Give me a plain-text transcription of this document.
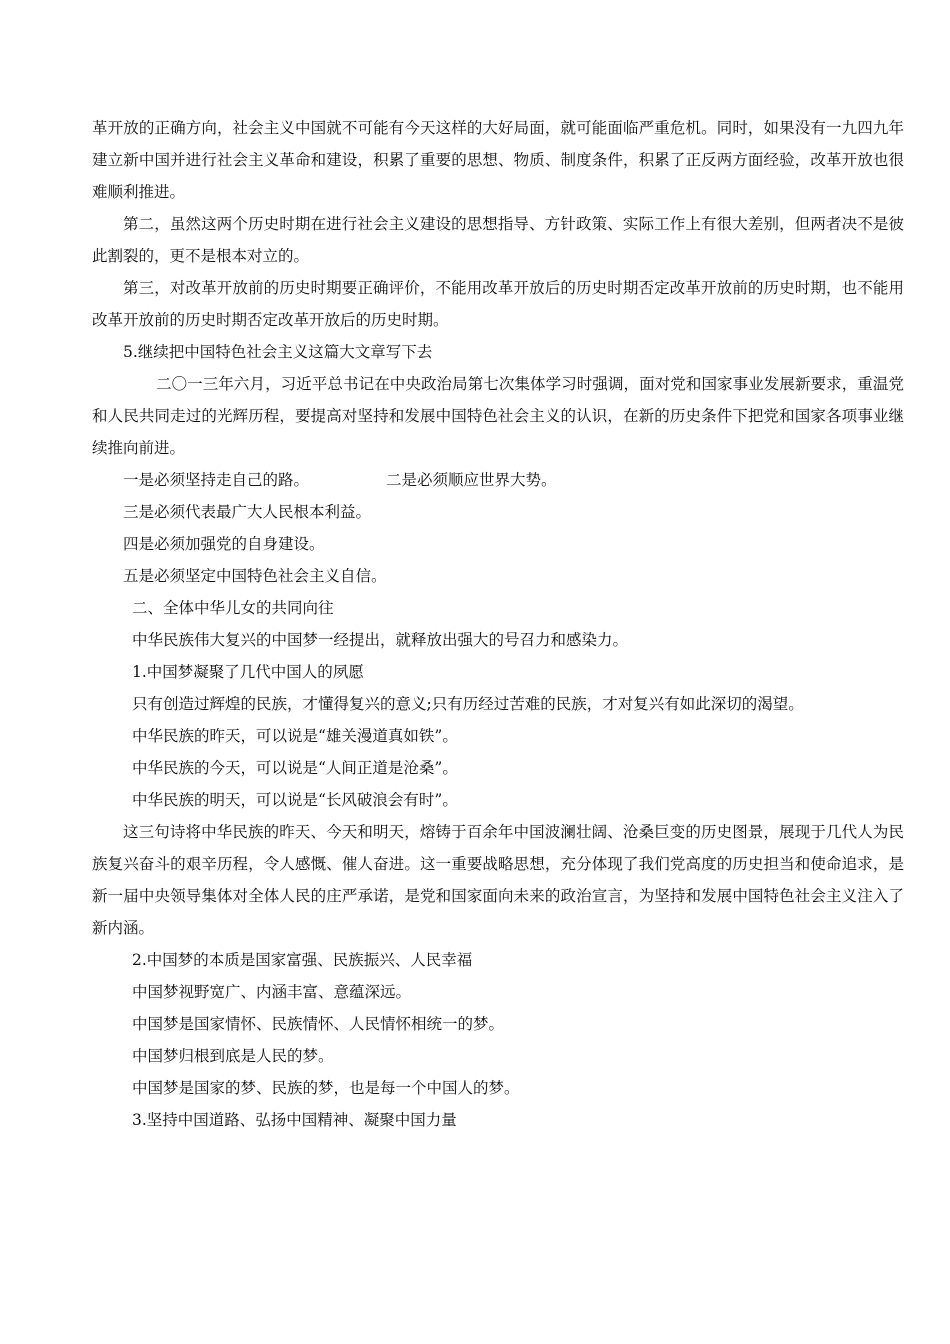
革开放的正确方向，社会主义中国就不可能有今天这样的大好局面，就可能面临严重危机。同时，如果没有一九四九年建立新中国并进行社会主义革命和建设，积累了重要的思想、物质、制度条件，积累了正反两方面经验，改革开放也很难顺利推进。

第二，虽然这两个历史时期在进行社会主义建设的思想指导、方针政策、实际工作上有很大差别，但两者决不是彼此割裂的，更不是根本对立的。

第三，对改革开放前的历史时期要正确评价，不能用改革开放后的历史时期否定改革开放前的历史时期，也不能用改革开放前的历史时期否定改革开放后的历史时期。

5.继续把中国特色社会主义这篇大文章写下去

二〇一三年六月，习近平总书记在中央政治局第七次集体学习时强调，面对党和国家事业发展新要求，重温党和人民共同走过的光辉历程，要提高对坚持和发展中国特色社会主义的认识，在新的历史条件下把党和国家各项事业继续推向前进。

一是必须坚持走自己的路。	二是必须顺应世界大势。

三是必须代表最广大人民根本利益。

四是必须加强党的自身建设。

五是必须坚定中国特色社会主义自信。

二、全体中华儿女的共同向往

中华民族伟大复兴的中国梦一经提出，就释放出强大的号召力和感染力。

1.中国梦凝聚了几代中国人的夙愿

只有创造过辉煌的民族，才懂得复兴的意义;只有历经过苦难的民族，才对复兴有如此深切的渴望。

中华民族的昨天，可以说是“雄关漫道真如铁”。

中华民族的今天，可以说是“人间正道是沧桑”。

中华民族的明天，可以说是“长风破浪会有时”。

这三句诗将中华民族的昨天、今天和明天，熔铸于百余年中国波澜壮阔、沧桑巨变的历史图景，展现于几代人为民族复兴奋斗的艰辛历程，令人感慨、催人奋进。这一重要战略思想，充分体现了我们党高度的历史担当和使命追求，是新一届中央领导集体对全体人民的庄严承诺，是党和国家面向未来的政治宣言，为坚持和发展中国特色社会主义注入了新内涵。

2.中国梦的本质是国家富强、民族振兴、人民幸福

中国梦视野宽广、内涵丰富、意蕴深远。

中国梦是国家情怀、民族情怀、人民情怀相统一的梦。

中国梦归根到底是人民的梦。

中国梦是国家的梦、民族的梦，也是每一个中国人的梦。

3.坚持中国道路、弘扬中国精神、凝聚中国力量
